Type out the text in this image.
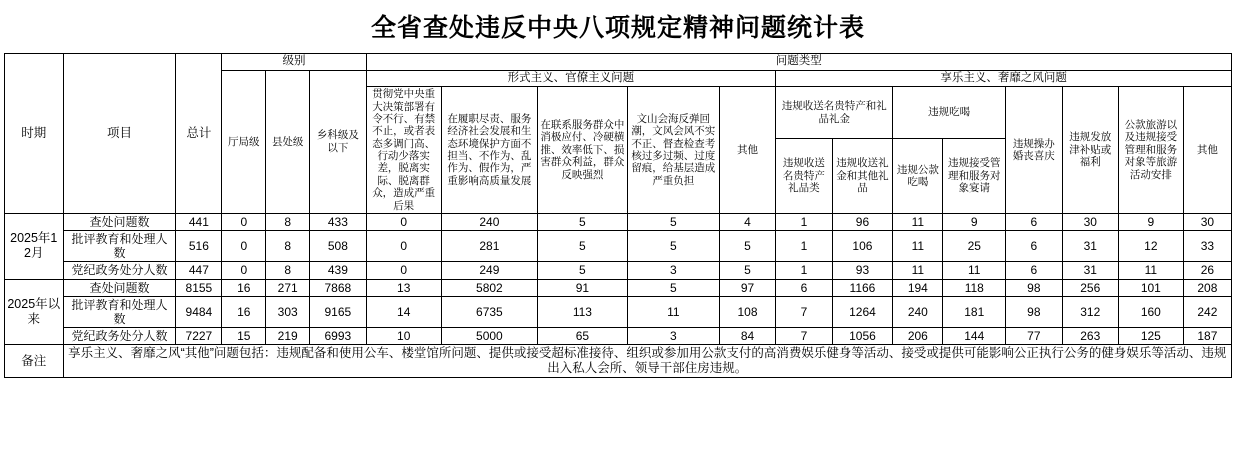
全省查处违反中央八项规定精神问题统计表
时期	项目	总计	级别			问题类型												
			厅局级	县处级	乡科级及以下	形式主义、官僚主义问题					享乐主义、奢靡之风问题							
						贯彻党中央重大决策部署有令不行、有禁不止，或者表态多调门高、行动少落实差，脱离实际、脱离群众，造成严重后果	在履职尽责、服务经济社会发展和生态环境保护方面不担当、不作为、乱作为、假作为，严重影响高质量发展	在联系服务群众中消极应付、冷硬横推、效率低下、损害群众利益，群众反映强烈	文山会海反弹回潮，文风会风不实不正、督查检查考核过多过频、过度留痕，给基层造成严重负担	其他	违规收送名贵特产和礼品礼金		违规吃喝		违规操办婚丧喜庆	违规发放津补贴或福利	公款旅游以及违规接受管理和服务对象等旅游活动安排	其他
											违规收送名贵特产礼品类	违规收送礼金和其他礼品	违规公款吃喝	违规接受管理和服务对象宴请				
2025年12月	查处问题数	441	0	8	433	0	240	5	5	4	1	96	11	9	6	30	9	30
	批评教育和处理人数	516	0	8	508	0	281	5	5	5	1	106	11	25	6	31	12	33
	党纪政务处分人数	447	0	8	439	0	249	5	3	5	1	93	11	11	6	31	11	26
2025年以来	查处问题数	8155	16	271	7868	13	5802	91	5	97	6	1166	194	118	98	256	101	208
	批评教育和处理人数	9484	16	303	9165	14	6735	113	11	108	7	1264	240	181	98	312	160	242
	党纪政务处分人数	7227	15	219	6993	10	5000	65	3	84	7	1056	206	144	77	263	125	187
备注	享乐主义、奢靡之风“其他”问题包括：违规配备和使用公车、楼堂馆所问题、提供或接受超标准接待、组织或参加用公款支付的高消费娱乐健身等活动、接受或提供可能影响公正执行公务的健身娱乐等活动、违规出入私人会所、领导干部住房违规。																	
